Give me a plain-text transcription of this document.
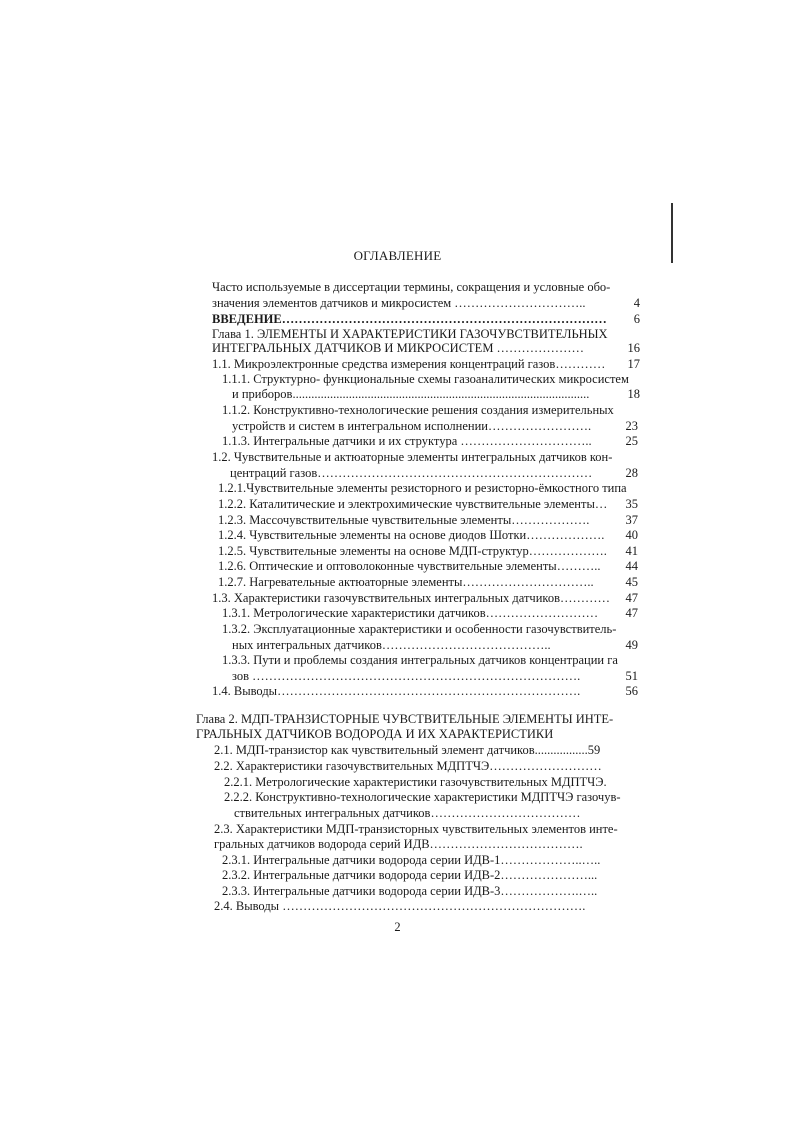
ОГЛАВЛЕНИЕ
Часто используемые в диссертации термины, сокращения и условные обо-
значения элементов датчиков и микросистем …………………………..	4
ВВЕДЕНИЕ……………………………………………………………………	6
Глава 1. ЭЛЕМЕНТЫ И ХАРАКТЕРИСТИКИ ГАЗОЧУВСТВИТЕЛЬНЫХ
ИНТЕГРАЛЬНЫХ ДАТЧИКОВ И МИКРОСИСТЕМ …………………	16
1.1. Микроэлектронные средства измерения концентраций газов…………	17
1.1.1. Структурно- функциональные схемы газоаналитических микросистем
и приборов...............................................................................................	18
1.1.2. Конструктивно-технологические решения создания измерительных
устройств и систем в интегральном исполнении…………………….	23
1.1.3. Интегральные датчики и их структура …………………………..	25
1.2. Чувствительные и актюаторные элементы интегральных датчиков кон-
центраций газов…………………………………………………………	28
1.2.1.Чувствительные элементы резисторного и резисторно-ёмкостного типа
1.2.2. Каталитические и электрохимические чувствительные элементы…	35
1.2.3. Массочувствительные чувствительные элементы……………….	37
1.2.4. Чувствительные элементы на основе диодов Шотки……………….	40
1.2.5. Чувствительные элементы на основе МДП-структур……………….	41
1.2.6. Оптические и оптоволоконные чувствительные элементы………..	44
1.2.7. Нагревательные актюаторные элементы…………………………..	45
1.3. Характеристики газочувствительных интегральных датчиков…………	47
1.3.1. Метрологические характеристики датчиков………………………	47
1.3.2. Эксплуатационные характеристики и особенности газочувствитель-
ных интегральных датчиков…………………………………..	49
1.3.3. Пути и проблемы создания интегральных датчиков концентрации га
зов …………………………………………………………………….	51
1.4. Выводы……………………………………………………………….	56
Глава 2. МДП-ТРАНЗИСТОРНЫЕ ЧУВСТВИТЕЛЬНЫЕ ЭЛЕМЕНТЫ ИНТЕ-
ГРАЛЬНЫХ ДАТЧИКОВ ВОДОРОДА И ИХ ХАРАКТЕРИСТИКИ
2.1. МДП-транзистор как чувствительный элемент датчиков.................59
2.2. Характеристики газочувствительных МДПТЧЭ………………………
2.2.1. Метрологические характеристики газочувствительных МДПТЧЭ.
2.2.2. Конструктивно-технологические характеристики МДПТЧЭ газочув-
ствительных интегральных датчиков………………………………
2.3. Характеристики МДП-транзисторных чувствительных элементов инте-
гральных датчиков водорода серий ИДВ……………………………….
2.3.1. Интегральные датчики водорода серии ИДВ-1………………..…..
2.3.2. Интегральные датчики водорода серии ИДВ-2…………………...
2.3.3. Интегральные датчики водорода серии ИДВ-3……………….…..
2.4. Выводы ……………………………………………………………….
2
